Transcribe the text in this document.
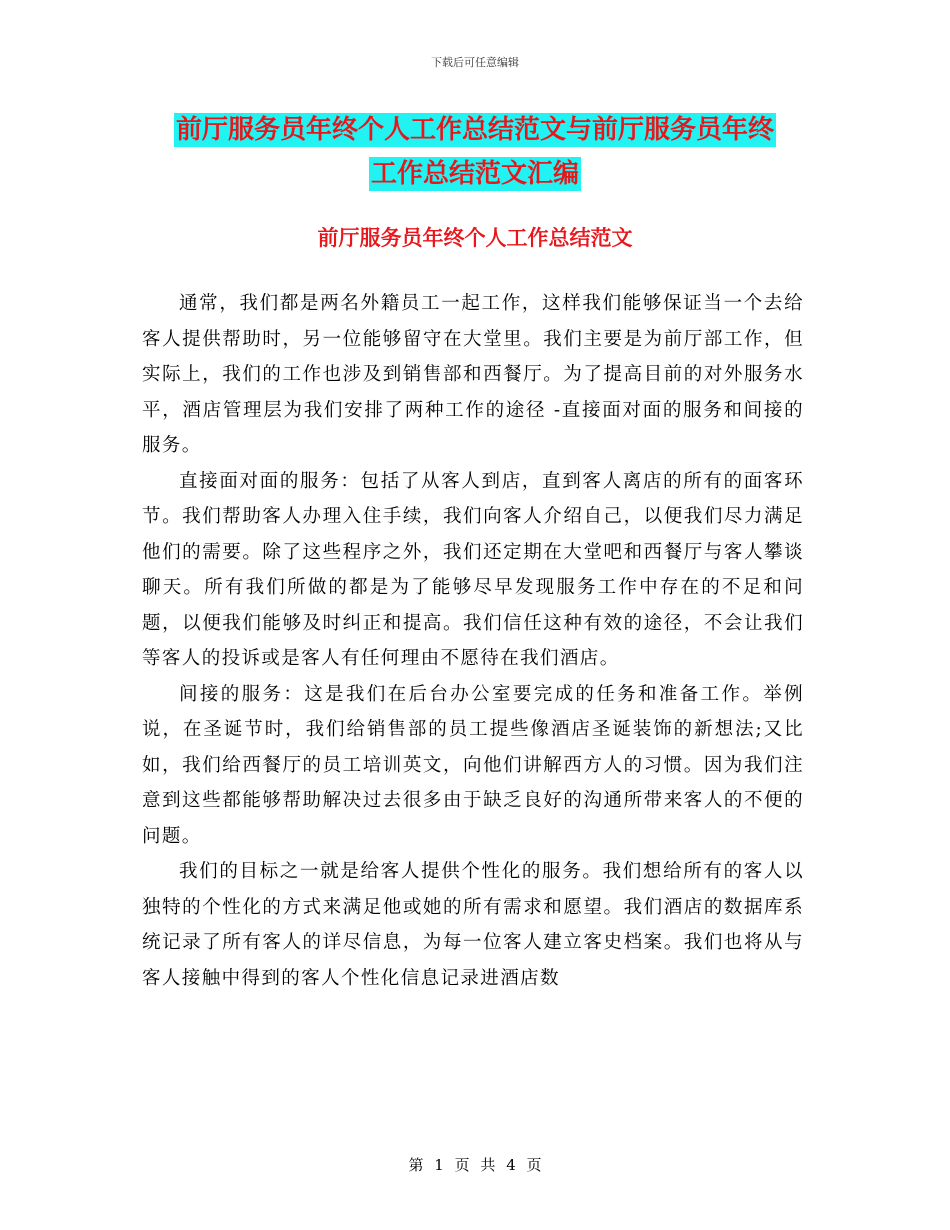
下载后可任意编辑
前厅服务员年终个人工作总结范文与前厅服务员年终
工作总结范文汇编
前厅服务员年终个人工作总结范文

通常，我们都是两名外籍员工一起工作，这样我们能够保证当一个去给客人提供帮助时，另一位能够留守在大堂里。我们主要是为前厅部工作，但实际上，我们的工作也涉及到销售部和西餐厅。为了提高目前的对外服务水平，酒店管理层为我们安排了两种工作的途径 -直接面对面的服务和间接的服务。

直接面对面的服务：包括了从客人到店，直到客人离店的所有的面客环节。我们帮助客人办理入住手续，我们向客人介绍自己，以便我们尽力满足他们的需要。除了这些程序之外，我们还定期在大堂吧和西餐厅与客人攀谈聊天。所有我们所做的都是为了能够尽早发现服务工作中存在的不足和问题，以便我们能够及时纠正和提高。我们信任这种有效的途径，不会让我们等客人的投诉或是客人有任何理由不愿待在我们酒店。

间接的服务：这是我们在后台办公室要完成的任务和准备工作。举例说，在圣诞节时，我们给销售部的员工提些像酒店圣诞装饰的新想法;又比如，我们给西餐厅的员工培训英文，向他们讲解西方人的习惯。因为我们注意到这些都能够帮助解决过去很多由于缺乏良好的沟通所带来客人的不便的问题。

我们的目标之一就是给客人提供个性化的服务。我们想给所有的客人以独特的个性化的方式来满足他或她的所有需求和愿望。我们酒店的数据库系统记录了所有客人的详尽信息，为每一位客人建立客史档案。我们也将从与客人接触中得到的客人个性化信息记录进酒店数

第 1 页 共 4 页
